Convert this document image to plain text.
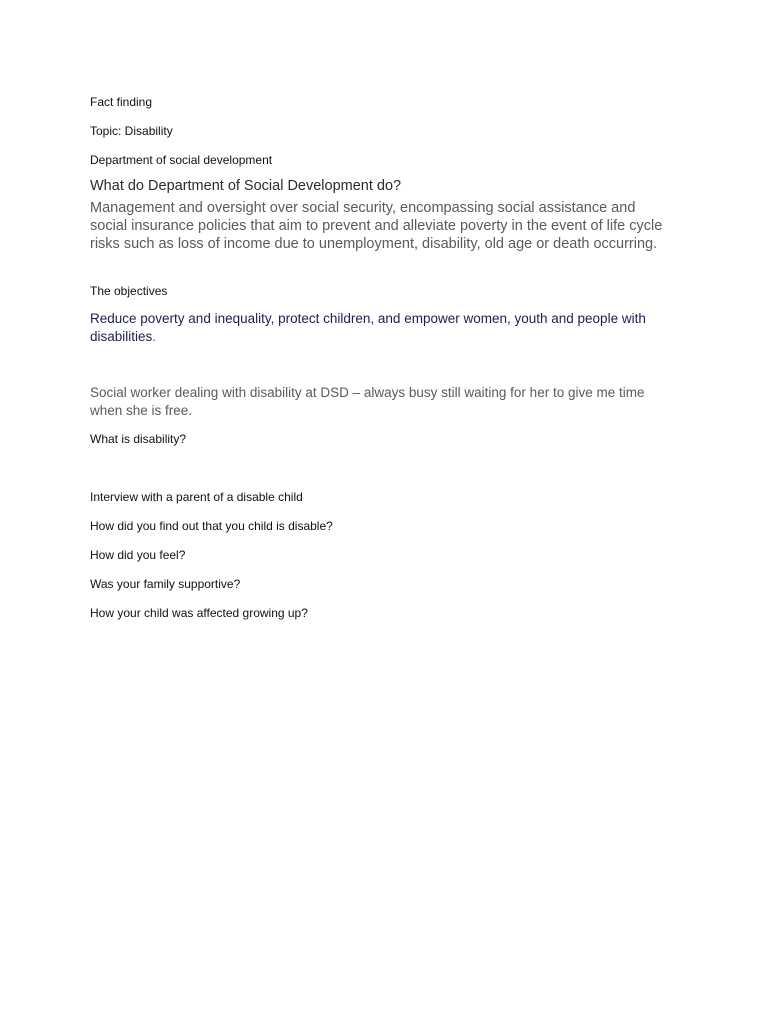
Fact finding

Topic: Disability

Department of social development

What do Department of Social Development do?

Management and oversight over social security, encompassing social assistance and social insurance policies that aim to prevent and alleviate poverty in the event of life cycle risks such as loss of income due to unemployment, disability, old age or death occurring.

The objectives

Reduce poverty and inequality, protect children, and empower women, youth and people with disabilities.

Social worker dealing with disability at DSD – always busy still waiting for her to give me time when she is free.

What is disability?

Interview with a parent of a disable child

How did you find out that you child is disable?

How did you feel?

Was your family supportive?

How your child was affected growing up?
